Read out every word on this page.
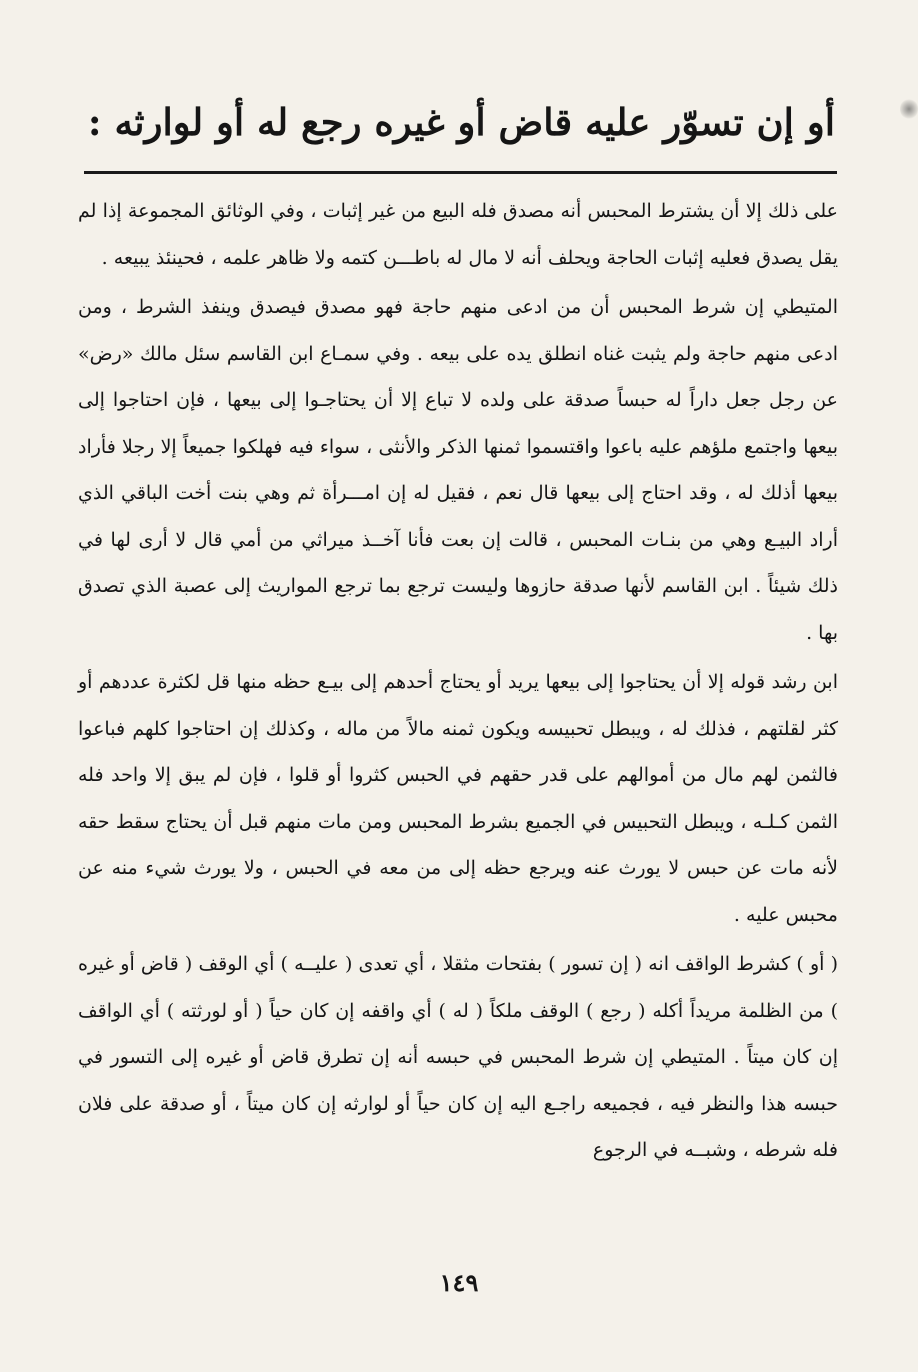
أو إن تسوّر عليه قاض أو غيره رجع له أو لوارثه :

على ذلك إلا أن يشترط المحبس أنه مصدق فله البيع من غير إثبات ، وفي الوثائق المجموعة إذا لم يقل يصدق فعليه إثبات الحاجة ويحلف أنه لا مال له باطـــن كتمه ولا ظاهر علمه ، فحينئذ يبيعه .

المتيطي إن شرط المحبس أن من ادعى منهم حاجة فهو مصدق فيصدق وينفذ الشرط ، ومن ادعى منهم حاجة ولم يثبت غناه انطلق يده على بيعه . وفي سمـاع ابن القاسم سئل مالك «رض» عن رجل جعل داراً له حبساً صدقة على ولده لا تباع إلا أن يحتاجـوا إلى بيعها ، فإن احتاجوا إلى بيعها واجتمع ملؤهم عليه باعوا واقتسموا ثمنها الذكر والأنثى ، سواء فيه فهلكوا جميعاً إلا رجلا فأراد بيعها أذلك له ، وقد احتاج إلى بيعها قال نعم ، فقيل له إن امـــرأة ثم وهي بنت أخت الباقي الذي أراد البيـع وهي من بنـات المحبس ، قالت إن بعت فأنا آخــذ ميراثي من أمي قال لا أرى لها في ذلك شيئاً . ابن القاسم لأنها صدقة حازوها وليست ترجع بما ترجع المواريث إلى عصبة الذي تصدق بها .

ابن رشد قوله إلا أن يحتاجوا إلى بيعها يريد أو يحتاج أحدهم إلى بيـع حظه منها قل لكثرة عددهم أو كثر لقلتهم ، فذلك له ، ويبطل تحبيسه ويكون ثمنه مالاً من ماله ، وكذلك إن احتاجوا كلهم فباعوا فالثمن لهم مال من أموالهم على قدر حقهم في الحبس كثروا أو قلوا ، فإن لم يبق إلا واحد فله الثمن كـلـه ، ويبطل التحبيس في الجميع بشرط المحبس ومن مات منهم قبل أن يحتاج سقط حقه لأنه مات عن حبس لا يورث عنه ويرجع حظه إلى من معه في الحبس ، ولا يورث شيء منه عن محبس عليه .

( أو ) كشرط الواقف انه ( إن تسور ) بفتحات مثقلا ، أي تعدى ( عليــه ) أي الوقف ( قاض أو غيره ) من الظلمة مريداً أكله ( رجع ) الوقف ملكاً ( له ) أي واقفه إن كان حياً ( أو لورثته ) أي الواقف إن كان ميتاً . المتيطي إن شرط المحبس في حبسه أنه إن تطرق قاض أو غيره إلى التسور في حبسه هذا والنظر فيه ، فجميعه راجـع اليه إن كان حياً أو لوارثه إن كان ميتاً ، أو صدقة على فلان فله شرطه ، وشبــه في الرجوع

١٤٩
